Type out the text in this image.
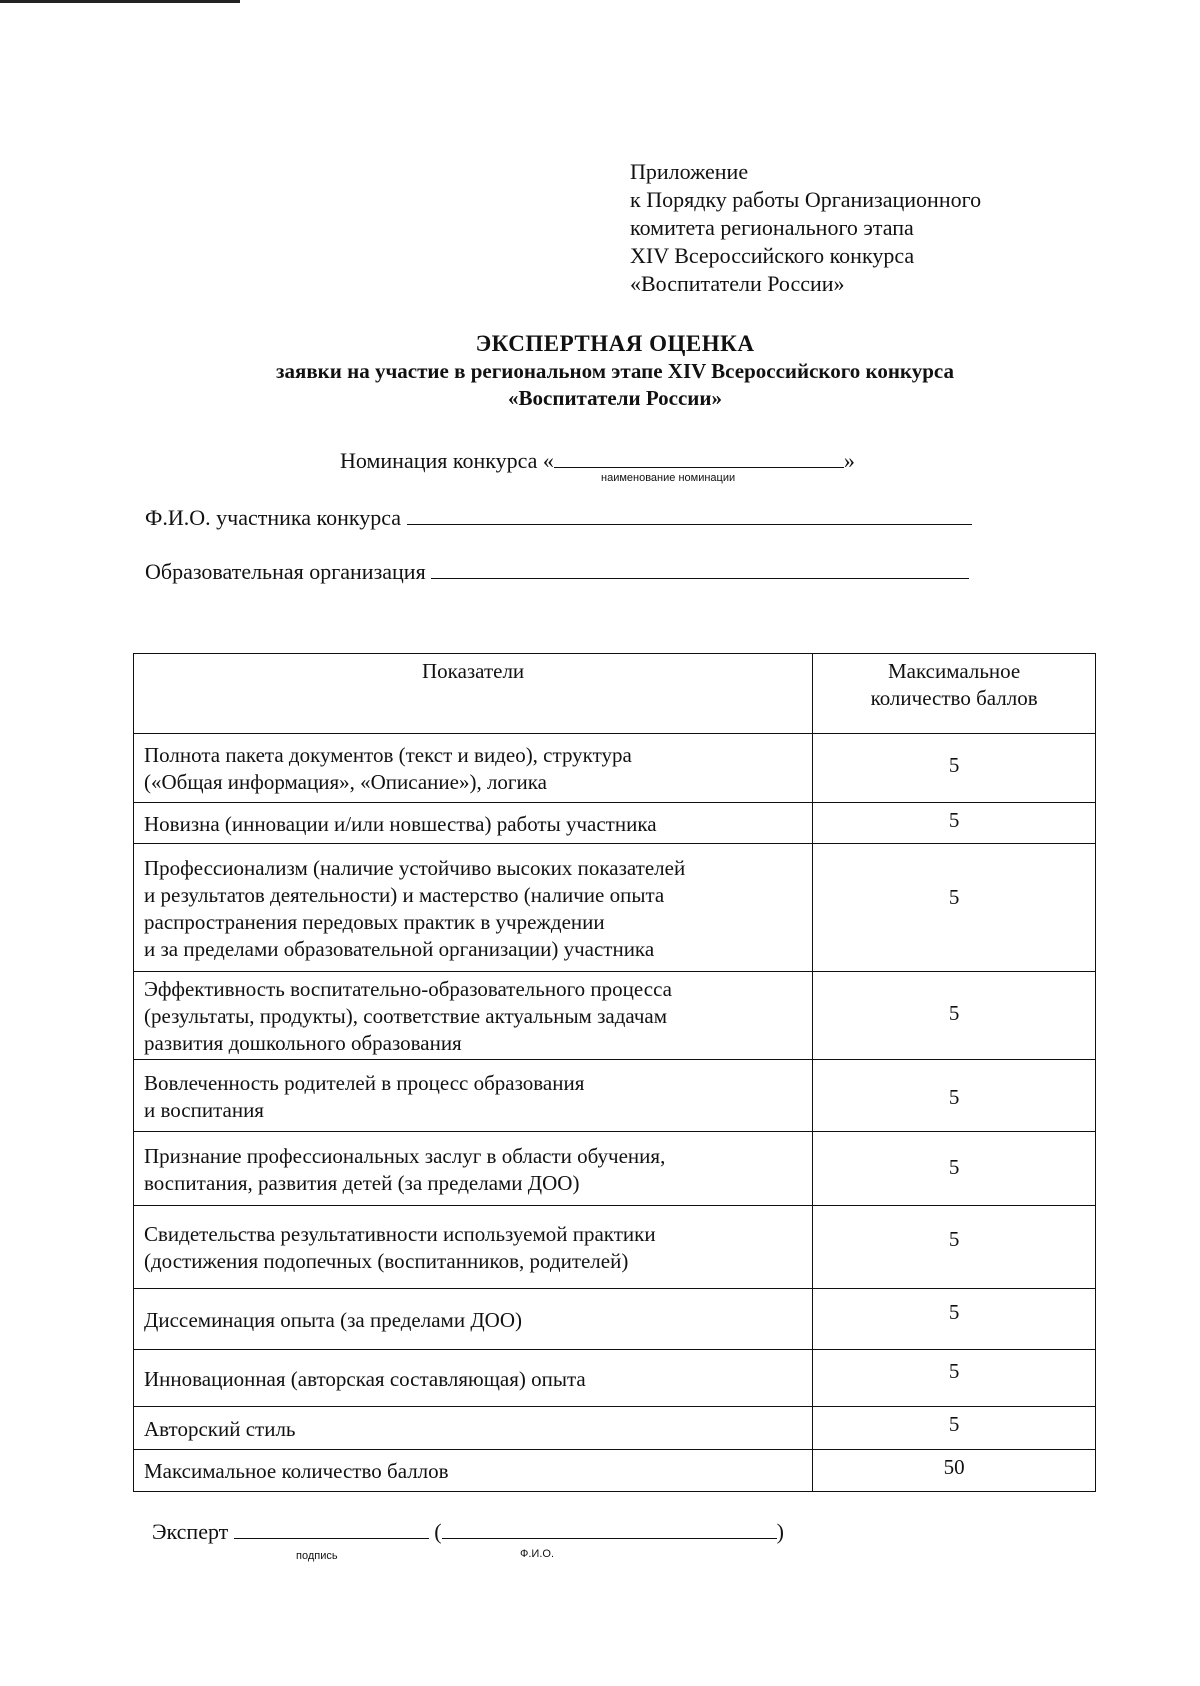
Приложение
к Порядку работы Организационного
комитета регионального этапа
XIV Всероссийского конкурса
«Воспитатели России»
ЭКСПЕРТНАЯ ОЦЕНКА
заявки на участие в региональном этапе XIV Всероссийского конкурса
«Воспитатели России»
Номинация конкурса «	»
наименование номинации
Ф.И.О. участника конкурса
Образовательная организация
Показатели	Максимальное
количество баллов

Полнота пакета документов (текст и видео), структура
(«Общая информация», «Описание»), логика	5

Новизна (инновации и/или новшества) работы участника	5

Профессионализм (наличие устойчиво высоких показателей
и результатов деятельности) и мастерство (наличие опыта
распространения передовых практик в учреждении
и за пределами образовательной организации) участника	5

Эффективность воспитательно-образовательного процесса
(результаты, продукты), соответствие актуальным задачам
развития дошкольного образования	5

Вовлеченность родителей в процесс образования
и воспитания	5

Признание профессиональных заслуг в области обучения,
воспитания, развития детей (за пределами ДОО)	5

Свидетельства результативности используемой практики
(достижения подопечных (воспитанников, родителей)	5

Диссеминация опыта (за пределами ДОО)	5

Инновационная (авторская составляющая) опыта	5

Авторский стиль	5

Максимальное количество баллов	50
Эксперт	(	)
подпись	Ф.И.О.
